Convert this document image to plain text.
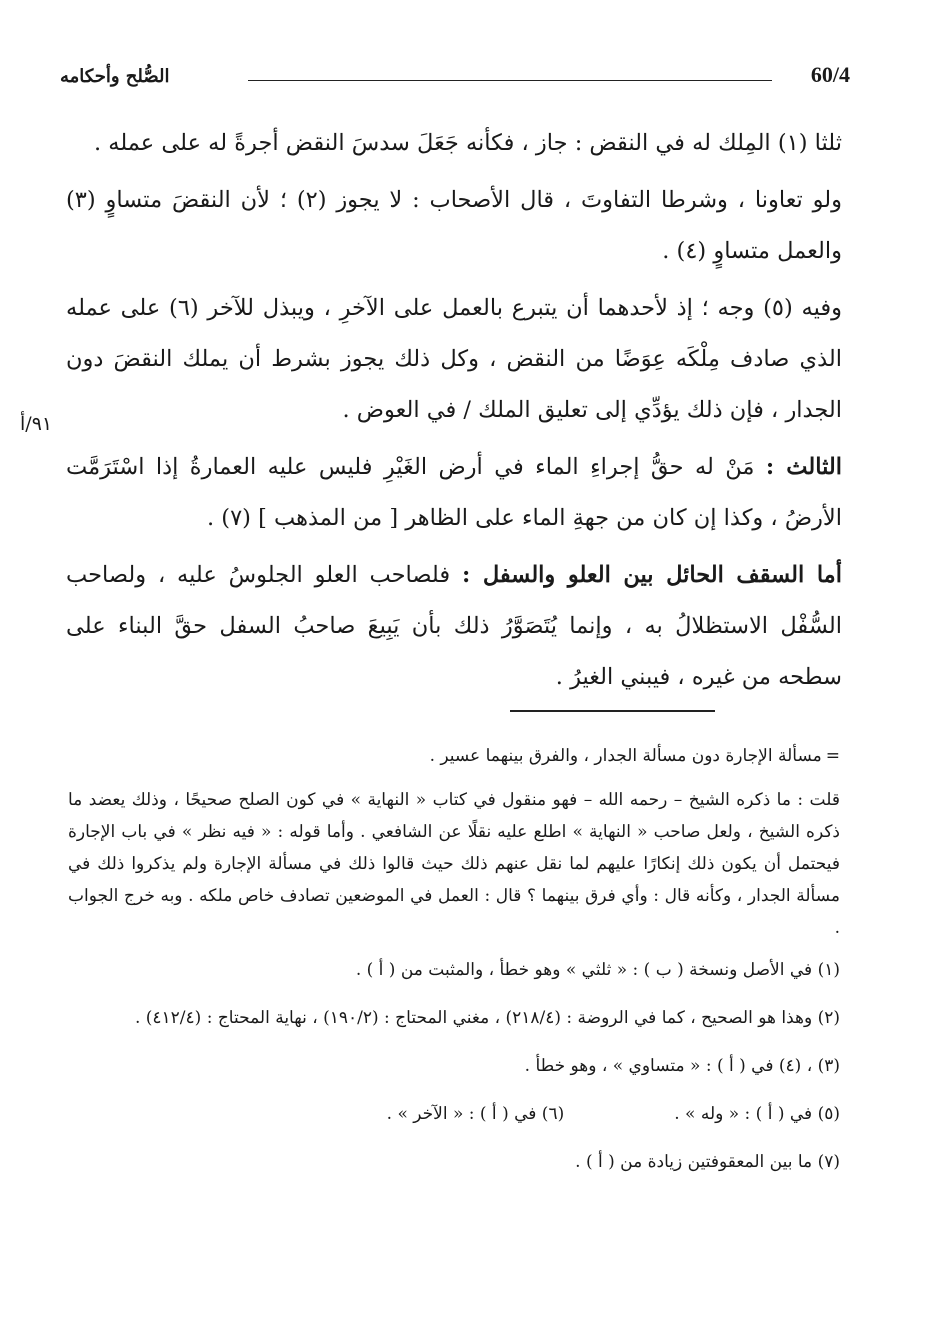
الصُّلح وأحكامه	60/4
٩١/أ

ثلثا (١) المِلك له في النقض : جاز ، فكأنه جَعَلَ سدسَ النقض أجرةً له على عمله .

ولو تعاونا ، وشرطا التفاوتَ ، قال الأصحاب : لا يجوز (٢) ؛ لأن النقضَ متساوٍ (٣) والعمل متساوٍ (٤) .

وفيه (٥) وجه ؛ إذ لأحدهما أن يتبرع بالعمل على الآخرِ ، ويبذل للآخر (٦) على عمله الذي صادف مِلْكَه عِوَضًا من النقض ، وكل ذلك يجوز بشرط أن يملك النقضَ دون الجدار ، فإن ذلك يؤدِّي إلى تعليق الملك / في العوض .

الثالث : مَنْ له حقُّ إجراءِ الماء في أرض الغَيْرِ فليس عليه العمارةُ إذا اسْتَرَمَّت الأرضُ ، وكذا إن كان من جهةِ الماء على الظاهر [ من المذهب ] (٧) .

أما السقف الحائل بين العلو والسفل : فلصاحب العلو الجلوسُ عليه ، ولصاحب السُّفْل الاستظلالُ به ، وإنما يُتَصَوَّرُ ذلك بأن يَبِيعَ صاحبُ السفل حقَّ البناء على سطحه من غيره ، فيبني الغيرُ .

=مسألة الإجارة دون مسألة الجدار ، والفرق بينهما عسير .

قلت : ما ذكره الشيخ – رحمه الله – فهو منقول في كتاب « النهاية » في كون الصلح صحيحًا ، وذلك يعضد ما ذكره الشيخ ، ولعل صاحب « النهاية » اطلع عليه نقلًا عن الشافعي . وأما قوله : « فيه نظر » في باب الإجارة فيحتمل أن يكون ذلك إنكارًا عليهم لما نقل عنهم ذلك حيث قالوا ذلك في مسألة الإجارة ولم يذكروا ذلك في مسألة الجدار ، وكأنه قال : وأي فرق بينهما ؟ قال : العمل في الموضعين تصادف خاص ملكه . وبه خرج الجواب .

(١) في الأصل ونسخة ( ب ) : « ثلثي » وهو خطأ ، والمثبت من ( أ ) .

(٢) وهذا هو الصحيح ، كما في الروضة : (٢١٨/٤) ، مغني المحتاج : (١٩٠/٢) ، نهاية المحتاج : (٤١٢/٤) .

(٣) ، (٤) في ( أ ) : « متساوي » ، وهو خطأ .

(٥) في ( أ ) : « وله » .
(٦) في ( أ ) : « الآخر » .

(٧) ما بين المعقوفتين زيادة من ( أ ) .
